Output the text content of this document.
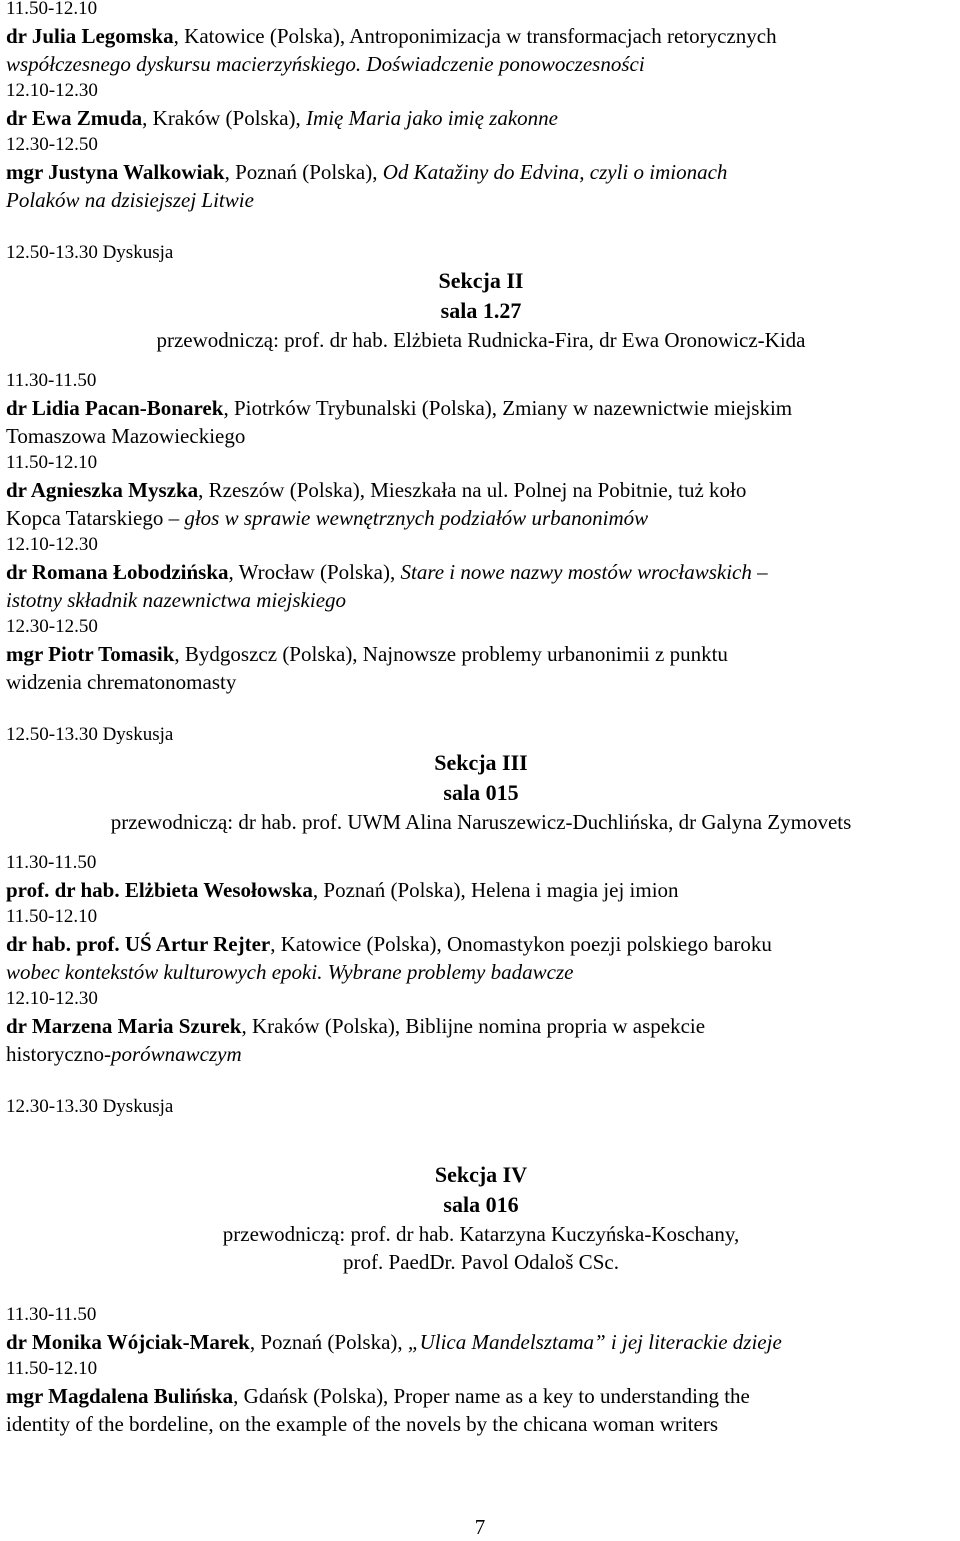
11.50-12.10
dr Julia Legomska, Katowice (Polska), Antroponimizacja w transformacjach retorycznych
współczesnego dyskursu macierzyńskiego. Doświadczenie ponowoczesności
12.10-12.30
dr Ewa Zmuda, Kraków (Polska), Imię Maria jako imię zakonne
12.30-12.50
mgr Justyna Walkowiak, Poznań (Polska), Od Katažiny do Edvina, czyli o imionach
Polaków na dzisiejszej Litwie
12.50-13.30 Dyskusja
Sekcja II
sala 1.27
przewodniczą: prof. dr hab. Elżbieta Rudnicka-Fira, dr Ewa Oronowicz-Kida
11.30-11.50
dr Lidia Pacan-Bonarek, Piotrków Trybunalski (Polska), Zmiany w nazewnictwie miejskim
Tomaszowa Mazowieckiego
11.50-12.10
dr Agnieszka Myszka, Rzeszów (Polska), Mieszkała na ul. Polnej na Pobitnie, tuż koło
Kopca Tatarskiego – głos w sprawie wewnętrznych podziałów urbanonimów
12.10-12.30
dr Romana Łobodzińska, Wrocław (Polska), Stare i nowe nazwy mostów wrocławskich –
istotny składnik nazewnictwa miejskiego
12.30-12.50
mgr Piotr Tomasik, Bydgoszcz (Polska), Najnowsze problemy urbanonimii z punktu
widzenia chrematonomasty
12.50-13.30 Dyskusja
Sekcja III
sala 015
przewodniczą: dr hab. prof. UWM Alina Naruszewicz-Duchlińska, dr Galyna Zymovets
11.30-11.50
prof. dr hab. Elżbieta Wesołowska, Poznań (Polska), Helena i magia jej imion
11.50-12.10
dr hab. prof. UŚ Artur Rejter, Katowice (Polska), Onomastykon poezji polskiego baroku
wobec kontekstów kulturowych epoki. Wybrane problemy badawcze
12.10-12.30
dr Marzena Maria Szurek, Kraków (Polska), Biblijne nomina propria w aspekcie
historyczno-porównawczym
12.30-13.30 Dyskusja
Sekcja IV
sala 016
przewodniczą: prof. dr hab. Katarzyna Kuczyńska-Koschany,
prof. PaedDr. Pavol Odaloš CSc.
11.30-11.50
dr Monika Wójciak-Marek, Poznań (Polska), „Ulica Mandelsztama” i jej literackie dzieje
11.50-12.10
mgr Magdalena Bulińska, Gdańsk (Polska), Proper name as a key to understanding the
identity of the bordeline, on the example of the novels by the chicana woman writers
7
